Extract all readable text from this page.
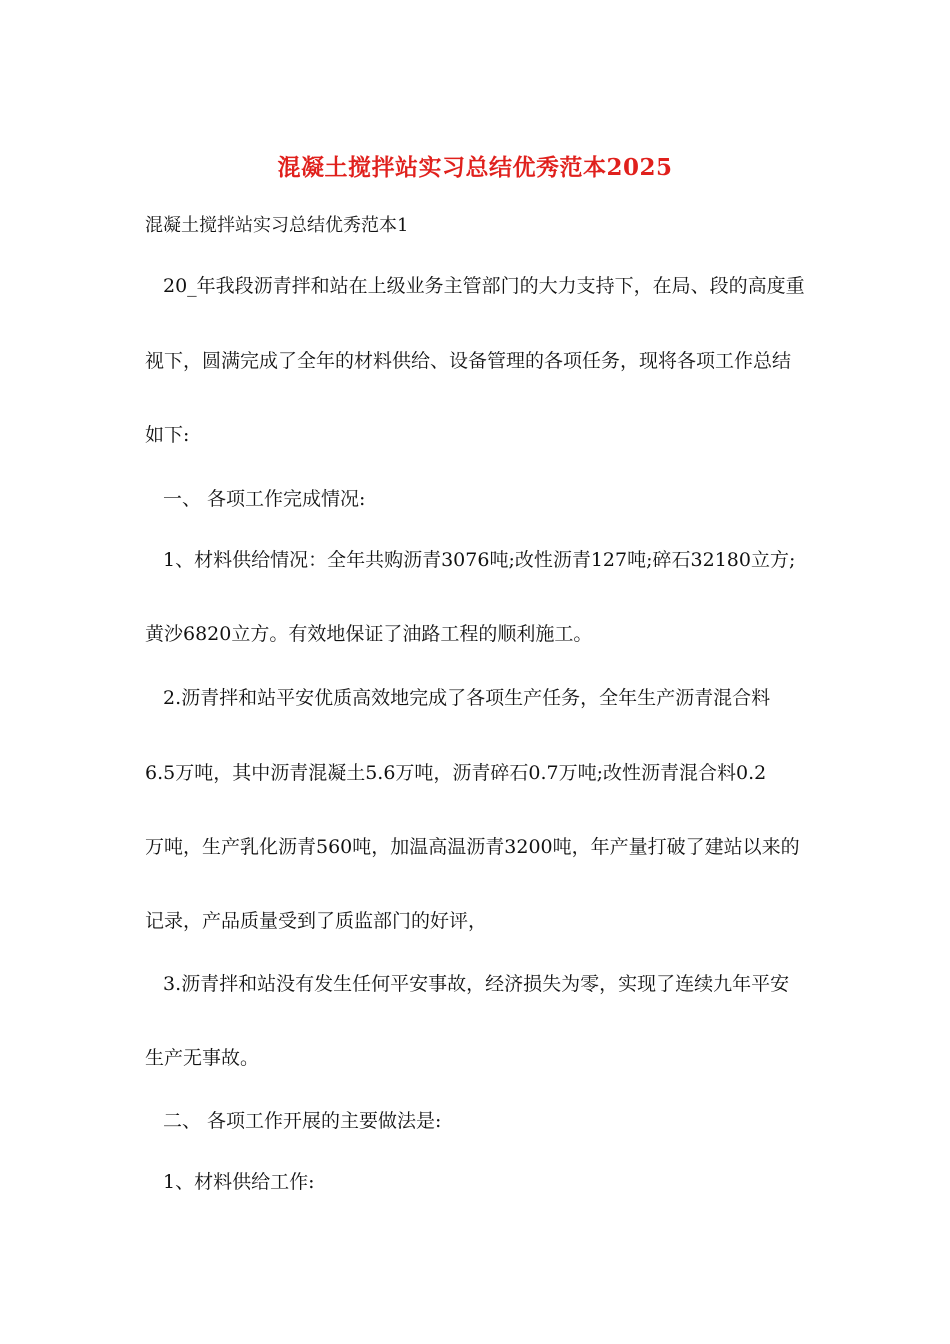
混凝土搅拌站实习总结优秀范本2025
混凝土搅拌站实习总结优秀范本1
20_年我段沥青拌和站在上级业务主管部门的大力支持下，在局、段的高度重
视下，圆满完成了全年的材料供给、设备管理的各项任务，现将各项工作总结
如下:
一、 各项工作完成情况:
1、材料供给情况：全年共购沥青3076吨;改性沥青127吨;碎石32180立方;
黄沙6820立方。有效地保证了油路工程的顺利施工。
2.沥青拌和站平安优质高效地完成了各项生产任务，全年生产沥青混合料
6.5万吨，其中沥青混凝土5.6万吨，沥青碎石0.7万吨;改性沥青混合料0.2
万吨，生产乳化沥青560吨，加温高温沥青3200吨，年产量打破了建站以来的
记录，产品质量受到了质监部门的好评，
3.沥青拌和站没有发生任何平安事故，经济损失为零，实现了连续九年平安
生产无事故。
二、 各项工作开展的主要做法是:
1、材料供给工作:
